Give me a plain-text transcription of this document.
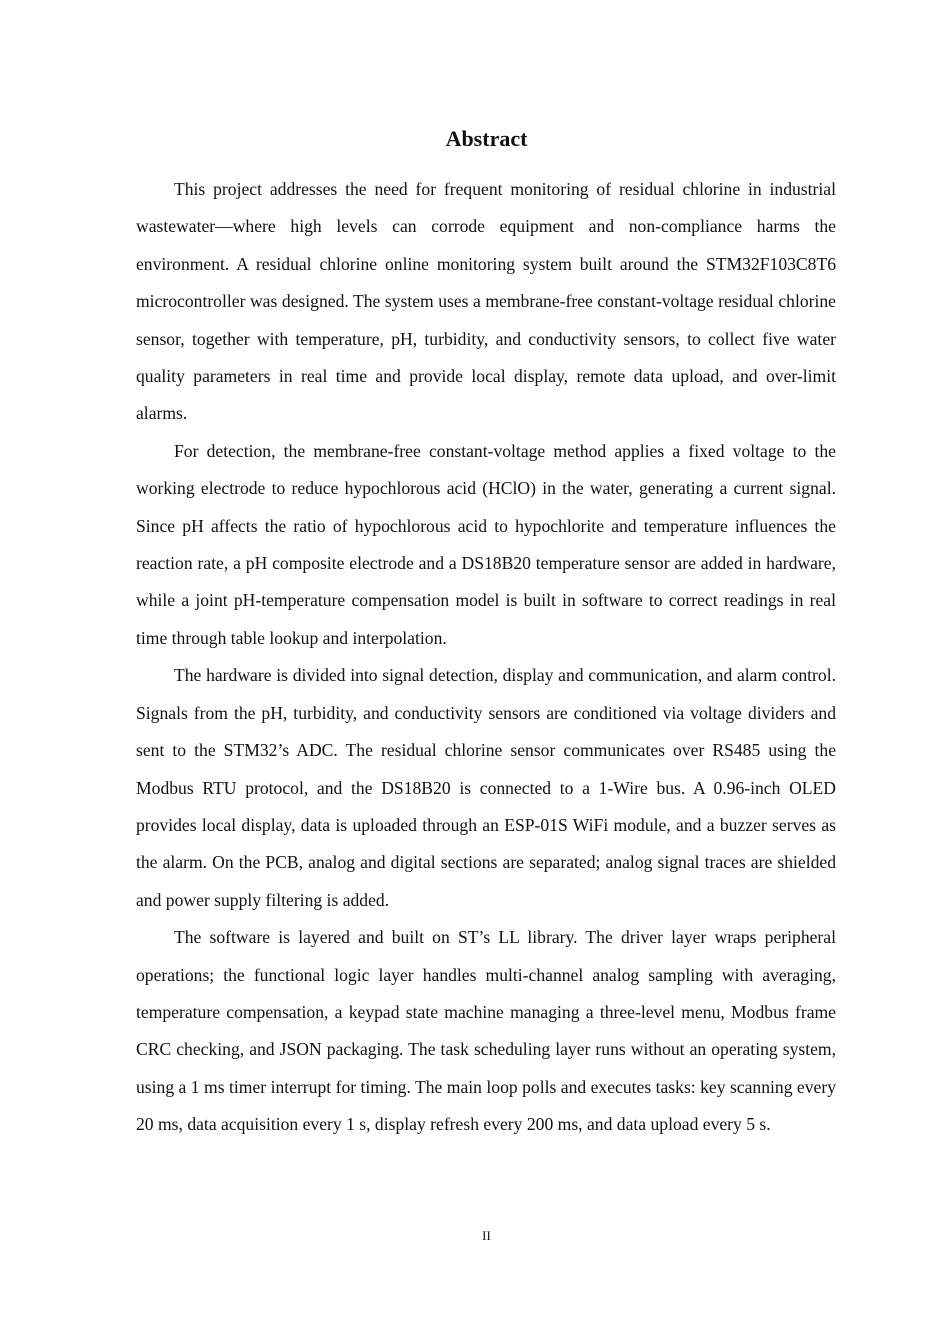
Abstract

This project addresses the need for frequent monitoring of residual chlorine in industrial wastewater—where high levels can corrode equipment and non-compliance harms the environment. A residual chlorine online monitoring system built around the STM32F103C8T6 microcontroller was designed. The system uses a membrane-free constant-voltage residual chlorine sensor, together with temperature, pH, turbidity, and conductivity sensors, to collect five water quality parameters in real time and provide local display, remote data upload, and over-limit alarms.

For detection, the membrane-free constant-voltage method applies a fixed voltage to the working electrode to reduce hypochlorous acid (HClO) in the water, generating a current signal. Since pH affects the ratio of hypochlorous acid to hypochlorite and temperature influences the reaction rate, a pH composite electrode and a DS18B20 temperature sensor are added in hardware, while a joint pH-temperature compensation model is built in software to correct readings in real time through table lookup and interpolation.

The hardware is divided into signal detection, display and communication, and alarm control. Signals from the pH, turbidity, and conductivity sensors are conditioned via voltage dividers and sent to the STM32’s ADC. The residual chlorine sensor communicates over RS485 using the Modbus RTU protocol, and the DS18B20 is connected to a 1-Wire bus. A 0.96-inch OLED provides local display, data is uploaded through an ESP-01S WiFi module, and a buzzer serves as the alarm. On the PCB, analog and digital sections are separated; analog signal traces are shielded and power supply filtering is added.

The software is layered and built on ST’s LL library. The driver layer wraps peripheral operations; the functional logic layer handles multi-channel analog sampling with averaging, temperature compensation, a keypad state machine managing a three-level menu, Modbus frame CRC checking, and JSON packaging. The task scheduling layer runs without an operating system, using a 1 ms timer interrupt for timing. The main loop polls and executes tasks: key scanning every 20 ms, data acquisition every 1 s, display refresh every 200 ms, and data upload every 5 s.

II
